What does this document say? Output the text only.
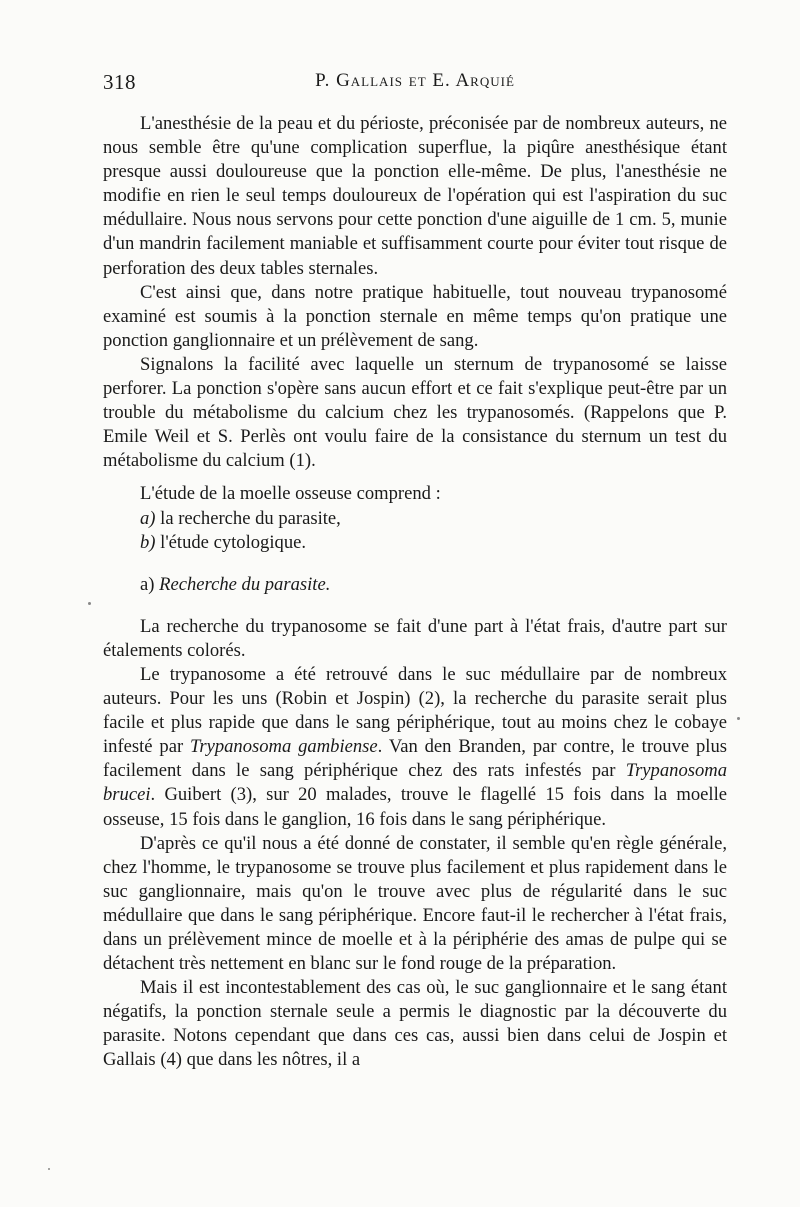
318	P. Gallais et E. Arquié

L'anesthésie de la peau et du périoste, préconisée par de nombreux auteurs, ne nous semble être qu'une complication superflue, la piqûre anesthésique étant presque aussi douloureuse que la ponction elle-même. De plus, l'anesthésie ne modifie en rien le seul temps douloureux de l'opération qui est l'aspiration du suc médullaire. Nous nous servons pour cette ponction d'une aiguille de 1 cm. 5, munie d'un mandrin facilement maniable et suffisamment courte pour éviter tout risque de perforation des deux tables sternales.

C'est ainsi que, dans notre pratique habituelle, tout nouveau trypanosomé examiné est soumis à la ponction sternale en même temps qu'on pratique une ponction ganglionnaire et un prélèvement de sang.

Signalons la facilité avec laquelle un sternum de trypanosomé se laisse perforer. La ponction s'opère sans aucun effort et ce fait s'explique peut-être par un trouble du métabolisme du calcium chez les trypanosomés. (Rappelons que P. Emile Weil et S. Perlès ont voulu faire de la consistance du sternum un test du métabolisme du calcium (1).

L'étude de la moelle osseuse comprend :

a) la recherche du parasite,

b) l'étude cytologique.

a) Recherche du parasite.

La recherche du trypanosome se fait d'une part à l'état frais, d'autre part sur étalements colorés.

Le trypanosome a été retrouvé dans le suc médullaire par de nombreux auteurs. Pour les uns (Robin et Jospin) (2), la recherche du parasite serait plus facile et plus rapide que dans le sang périphérique, tout au moins chez le cobaye infesté par Trypanosoma gambiense. Van den Branden, par contre, le trouve plus facilement dans le sang périphérique chez des rats infestés par Trypanosoma brucei. Guibert (3), sur 20 malades, trouve le flagellé 15 fois dans la moelle osseuse, 15 fois dans le ganglion, 16 fois dans le sang périphérique.

D'après ce qu'il nous a été donné de constater, il semble qu'en règle générale, chez l'homme, le trypanosome se trouve plus facilement et plus rapidement dans le suc ganglionnaire, mais qu'on le trouve avec plus de régularité dans le suc médullaire que dans le sang périphérique. Encore faut-il le rechercher à l'état frais, dans un prélèvement mince de moelle et à la périphérie des amas de pulpe qui se détachent très nettement en blanc sur le fond rouge de la préparation.

Mais il est incontestablement des cas où, le suc ganglionnaire et le sang étant négatifs, la ponction sternale seule a permis le diagnostic par la découverte du parasite. Notons cependant que dans ces cas, aussi bien dans celui de Jospin et Gallais (4) que dans les nôtres, il a
